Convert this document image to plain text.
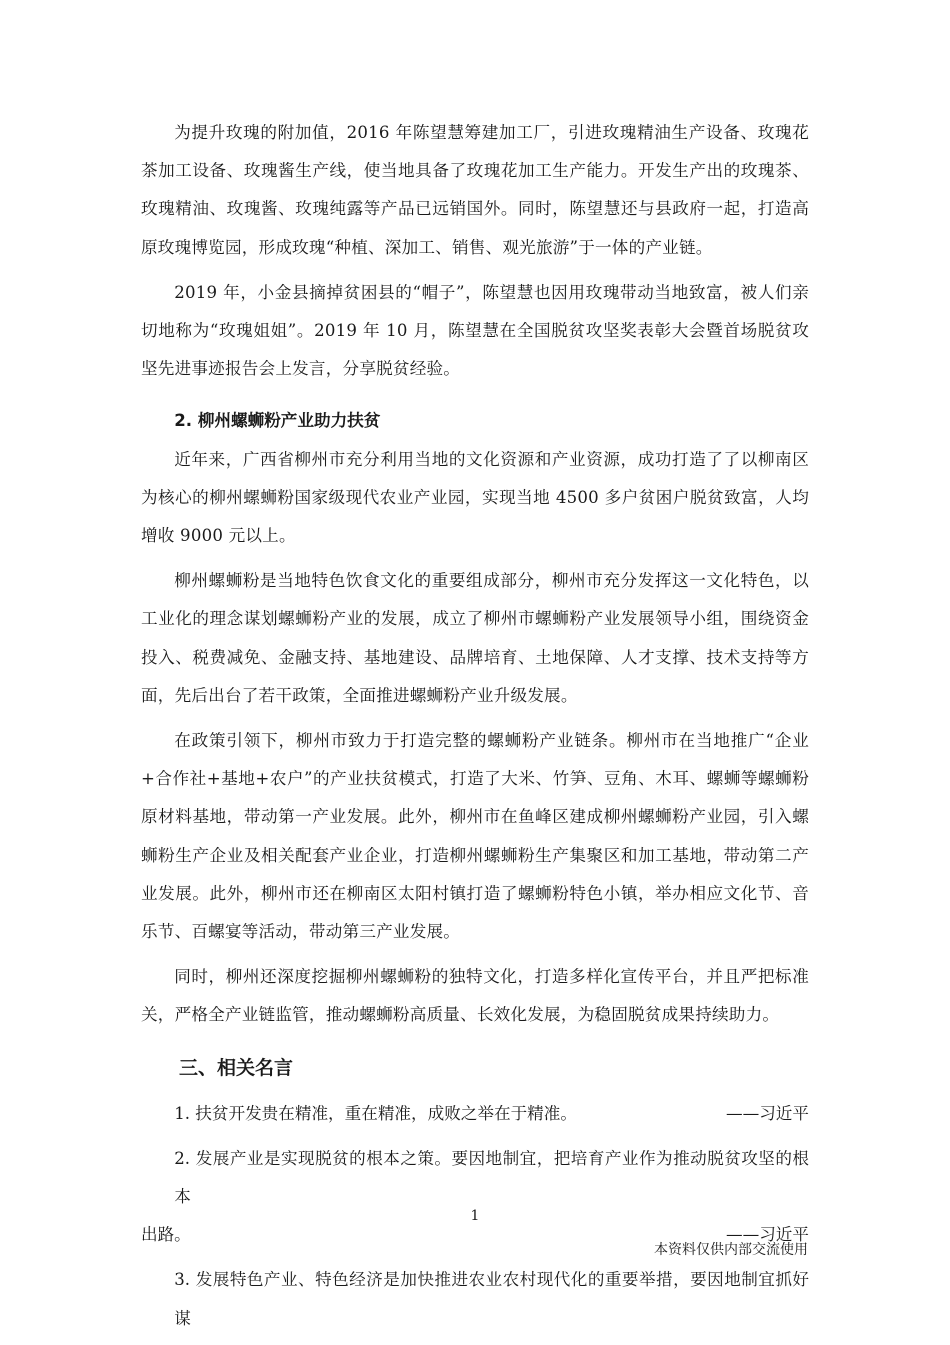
为提升玫瑰的附加值，2016 年陈望慧筹建加工厂，引进玫瑰精油生产设备、玫瑰花茶加工设备、玫瑰酱生产线，使当地具备了玫瑰花加工生产能力。开发生产出的玫瑰茶、玫瑰精油、玫瑰酱、玫瑰纯露等产品已远销国外。同时，陈望慧还与县政府一起，打造高原玫瑰博览园，形成玫瑰“种植、深加工、销售、观光旅游”于一体的产业链。

2019 年，小金县摘掉贫困县的“帽子”，陈望慧也因用玫瑰带动当地致富，被人们亲切地称为“玫瑰姐姐”。2019 年 10 月，陈望慧在全国脱贫攻坚奖表彰大会暨首场脱贫攻坚先进事迹报告会上发言，分享脱贫经验。

2. 柳州螺蛳粉产业助力扶贫

近年来，广西省柳州市充分利用当地的文化资源和产业资源，成功打造了了以柳南区为核心的柳州螺蛳粉国家级现代农业产业园，实现当地 4500 多户贫困户脱贫致富，人均增收 9000 元以上。

柳州螺蛳粉是当地特色饮食文化的重要组成部分，柳州市充分发挥这一文化特色，以工业化的理念谋划螺蛳粉产业的发展，成立了柳州市螺蛳粉产业发展领导小组，围绕资金投入、税费减免、金融支持、基地建设、品牌培育、土地保障、人才支撑、技术支持等方面，先后出台了若干政策，全面推进螺蛳粉产业升级发展。

在政策引领下，柳州市致力于打造完整的螺蛳粉产业链条。柳州市在当地推广“企业+合作社+基地+农户”的产业扶贫模式，打造了大米、竹笋、豆角、木耳、螺蛳等螺蛳粉原材料基地，带动第一产业发展。此外，柳州市在鱼峰区建成柳州螺蛳粉产业园，引入螺蛳粉生产企业及相关配套产业企业，打造柳州螺蛳粉生产集聚区和加工基地，带动第二产业发展。此外，柳州市还在柳南区太阳村镇打造了螺蛳粉特色小镇，举办相应文化节、音乐节、百螺宴等活动，带动第三产业发展。

同时，柳州还深度挖掘柳州螺蛳粉的独特文化，打造多样化宣传平台，并且严把标准关，严格全产业链监管，推动螺蛳粉高质量、长效化发展，为稳固脱贫成果持续助力。

三、相关名言
1. 扶贫开发贵在精准，重在精准，成败之举在于精准。	——习近平
2. 发展产业是实现脱贫的根本之策。要因地制宜，把培育产业作为推动脱贫攻坚的根本
出路。	——习近平
3. 发展特色产业、特色经济是加快推进农业农村现代化的重要举措，要因地制宜抓好谋
1
本资料仅供内部交流使用
